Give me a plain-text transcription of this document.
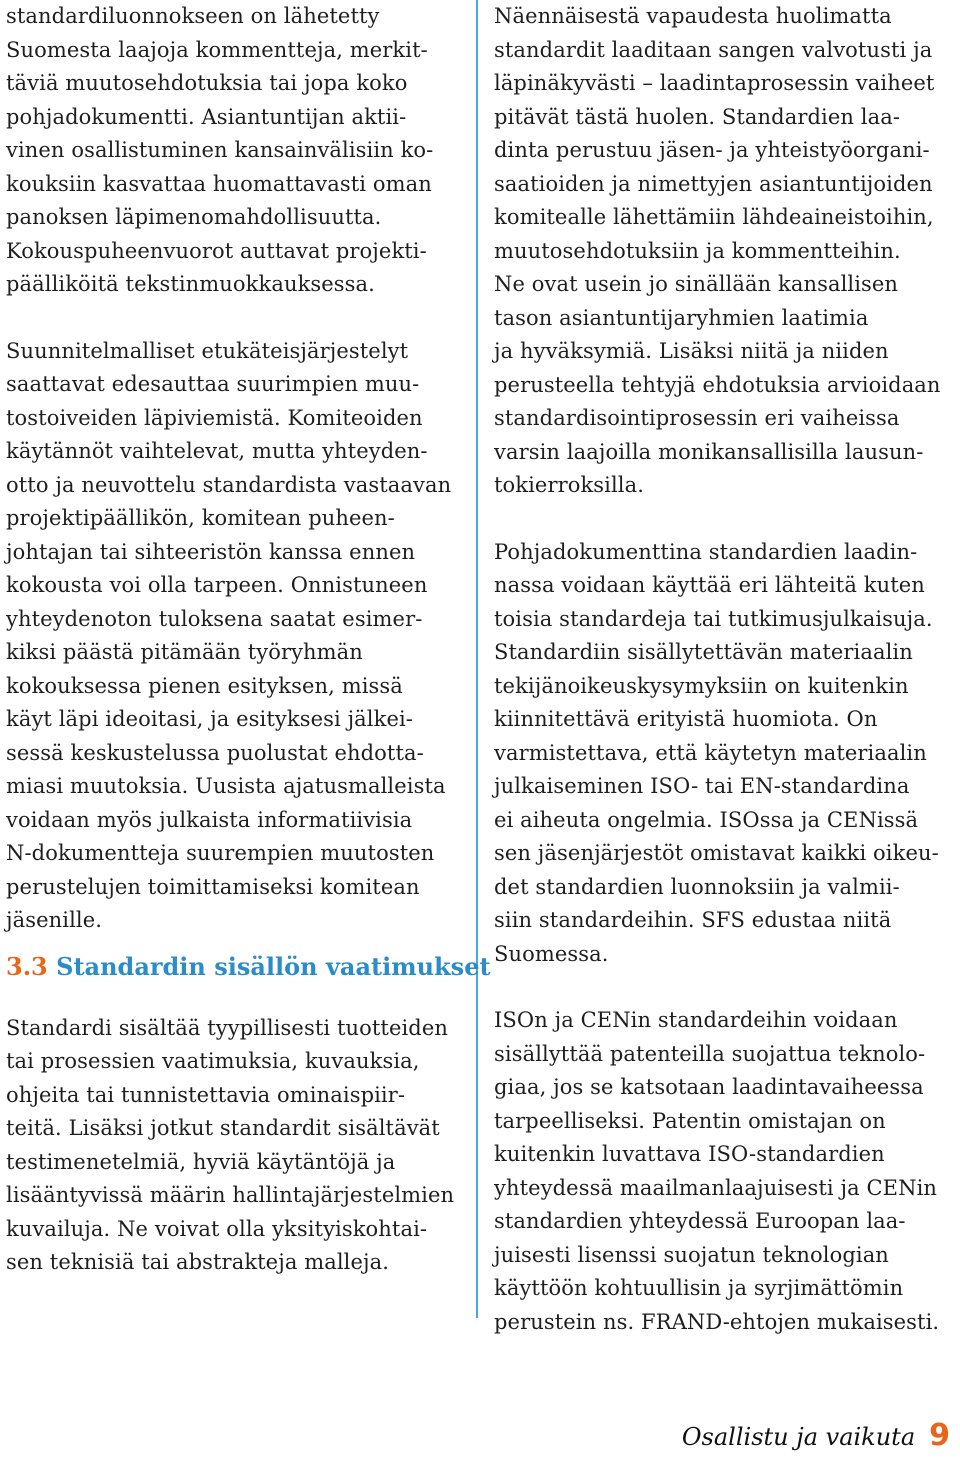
standardiluonnokseen on lähetetty
Suomesta laajoja kommentteja, merkit-
täviä muutosehdotuksia tai jopa koko
pohjadokumentti. Asiantuntijan aktii-
vinen osallistuminen kansainvälisiin ko-
kouksiin kasvattaa huomattavasti oman
panoksen läpimenomahdollisuutta.
Kokouspuheenvuorot auttavat projekti-
päälliköitä tekstinmuokkauksessa.
Suunnitelmalliset etukäteisjärjestelyt
saattavat edesauttaa suurimpien muu-
tostoiveiden läpiviemistä. Komiteoiden
käytännöt vaihtelevat, mutta yhteyden-
otto ja neuvottelu standardista vastaavan
projektipäällikön, komitean puheen-
johtajan tai sihteeristön kanssa ennen
kokousta voi olla tarpeen. Onnistuneen
yhteydenoton tuloksena saatat esimer-
kiksi päästä pitämään työryhmän
kokouksessa pienen esityksen, missä
käyt läpi ideoitasi, ja esityksesi jälkei-
sessä keskustelussa puolustat ehdotta-
miasi muutoksia. Uusista ajatusmalleista
voidaan myös julkaista informatiivisia
N-dokumentteja suurempien muutosten
perustelujen toimittamiseksi komitean
jäsenille.
3.3 Standardin sisällön vaatimukset
Standardi sisältää tyypillisesti tuotteiden
tai prosessien vaatimuksia, kuvauksia,
ohjeita tai tunnistettavia ominaispiir-
teitä. Lisäksi jotkut standardit sisältävät
testimenetelmiä, hyviä käytäntöjä ja
lisääntyvissä määrin hallintajärjestelmien
kuvailuja. Ne voivat olla yksityiskohtai-
sen teknisiä tai abstrakteja malleja.
Näennäisestä vapaudesta huolimatta
standardit laaditaan sangen valvotusti ja
läpinäkyvästi – laadintaprosessin vaiheet
pitävät tästä huolen. Standardien laa-
dinta perustuu jäsen- ja yhteistyöorgani-
saatioiden ja nimettyjen asiantuntijoiden
komitealle lähettämiin lähdeaineistoihin,
muutosehdotuksiin ja kommentteihin.
Ne ovat usein jo sinällään kansallisen
tason asiantuntijaryhmien laatimia
ja hyväksymiä. Lisäksi niitä ja niiden
perusteella tehtyjä ehdotuksia arvioidaan
standardisointiprosessin eri vaiheissa
varsin laajoilla monikansallisilla lausun-
tokierroksilla.
Pohjadokumenttina standardien laadin-
nassa voidaan käyttää eri lähteitä kuten
toisia standardeja tai tutkimusjulkaisuja.
Standardiin sisällytettävän materiaalin
tekijänoikeuskysymyksiin on kuitenkin
kiinnitettävä erityistä huomiota. On
varmistettava, että käytetyn materiaalin
julkaiseminen ISO- tai EN-standardina
ei aiheuta ongelmia. ISOssa ja CENissä
sen jäsenjärjestöt omistavat kaikki oikeu-
det standardien luonnoksiin ja valmii-
siin standardeihin. SFS edustaa niitä
Suomessa.
ISOn ja CENin standardeihin voidaan
sisällyttää patenteilla suojattua teknolo-
giaa, jos se katsotaan laadintavaiheessa
tarpeelliseksi. Patentin omistajan on
kuitenkin luvattava ISO-standardien
yhteydessä maailmanlaajuisesti ja CENin
standardien yhteydessä Euroopan laa-
juisesti lisenssi suojatun teknologian
käyttöön kohtuullisin ja syrjimättömin
perustein ns. FRAND-ehtojen mukaisesti.
Osallistu ja vaikuta 9
